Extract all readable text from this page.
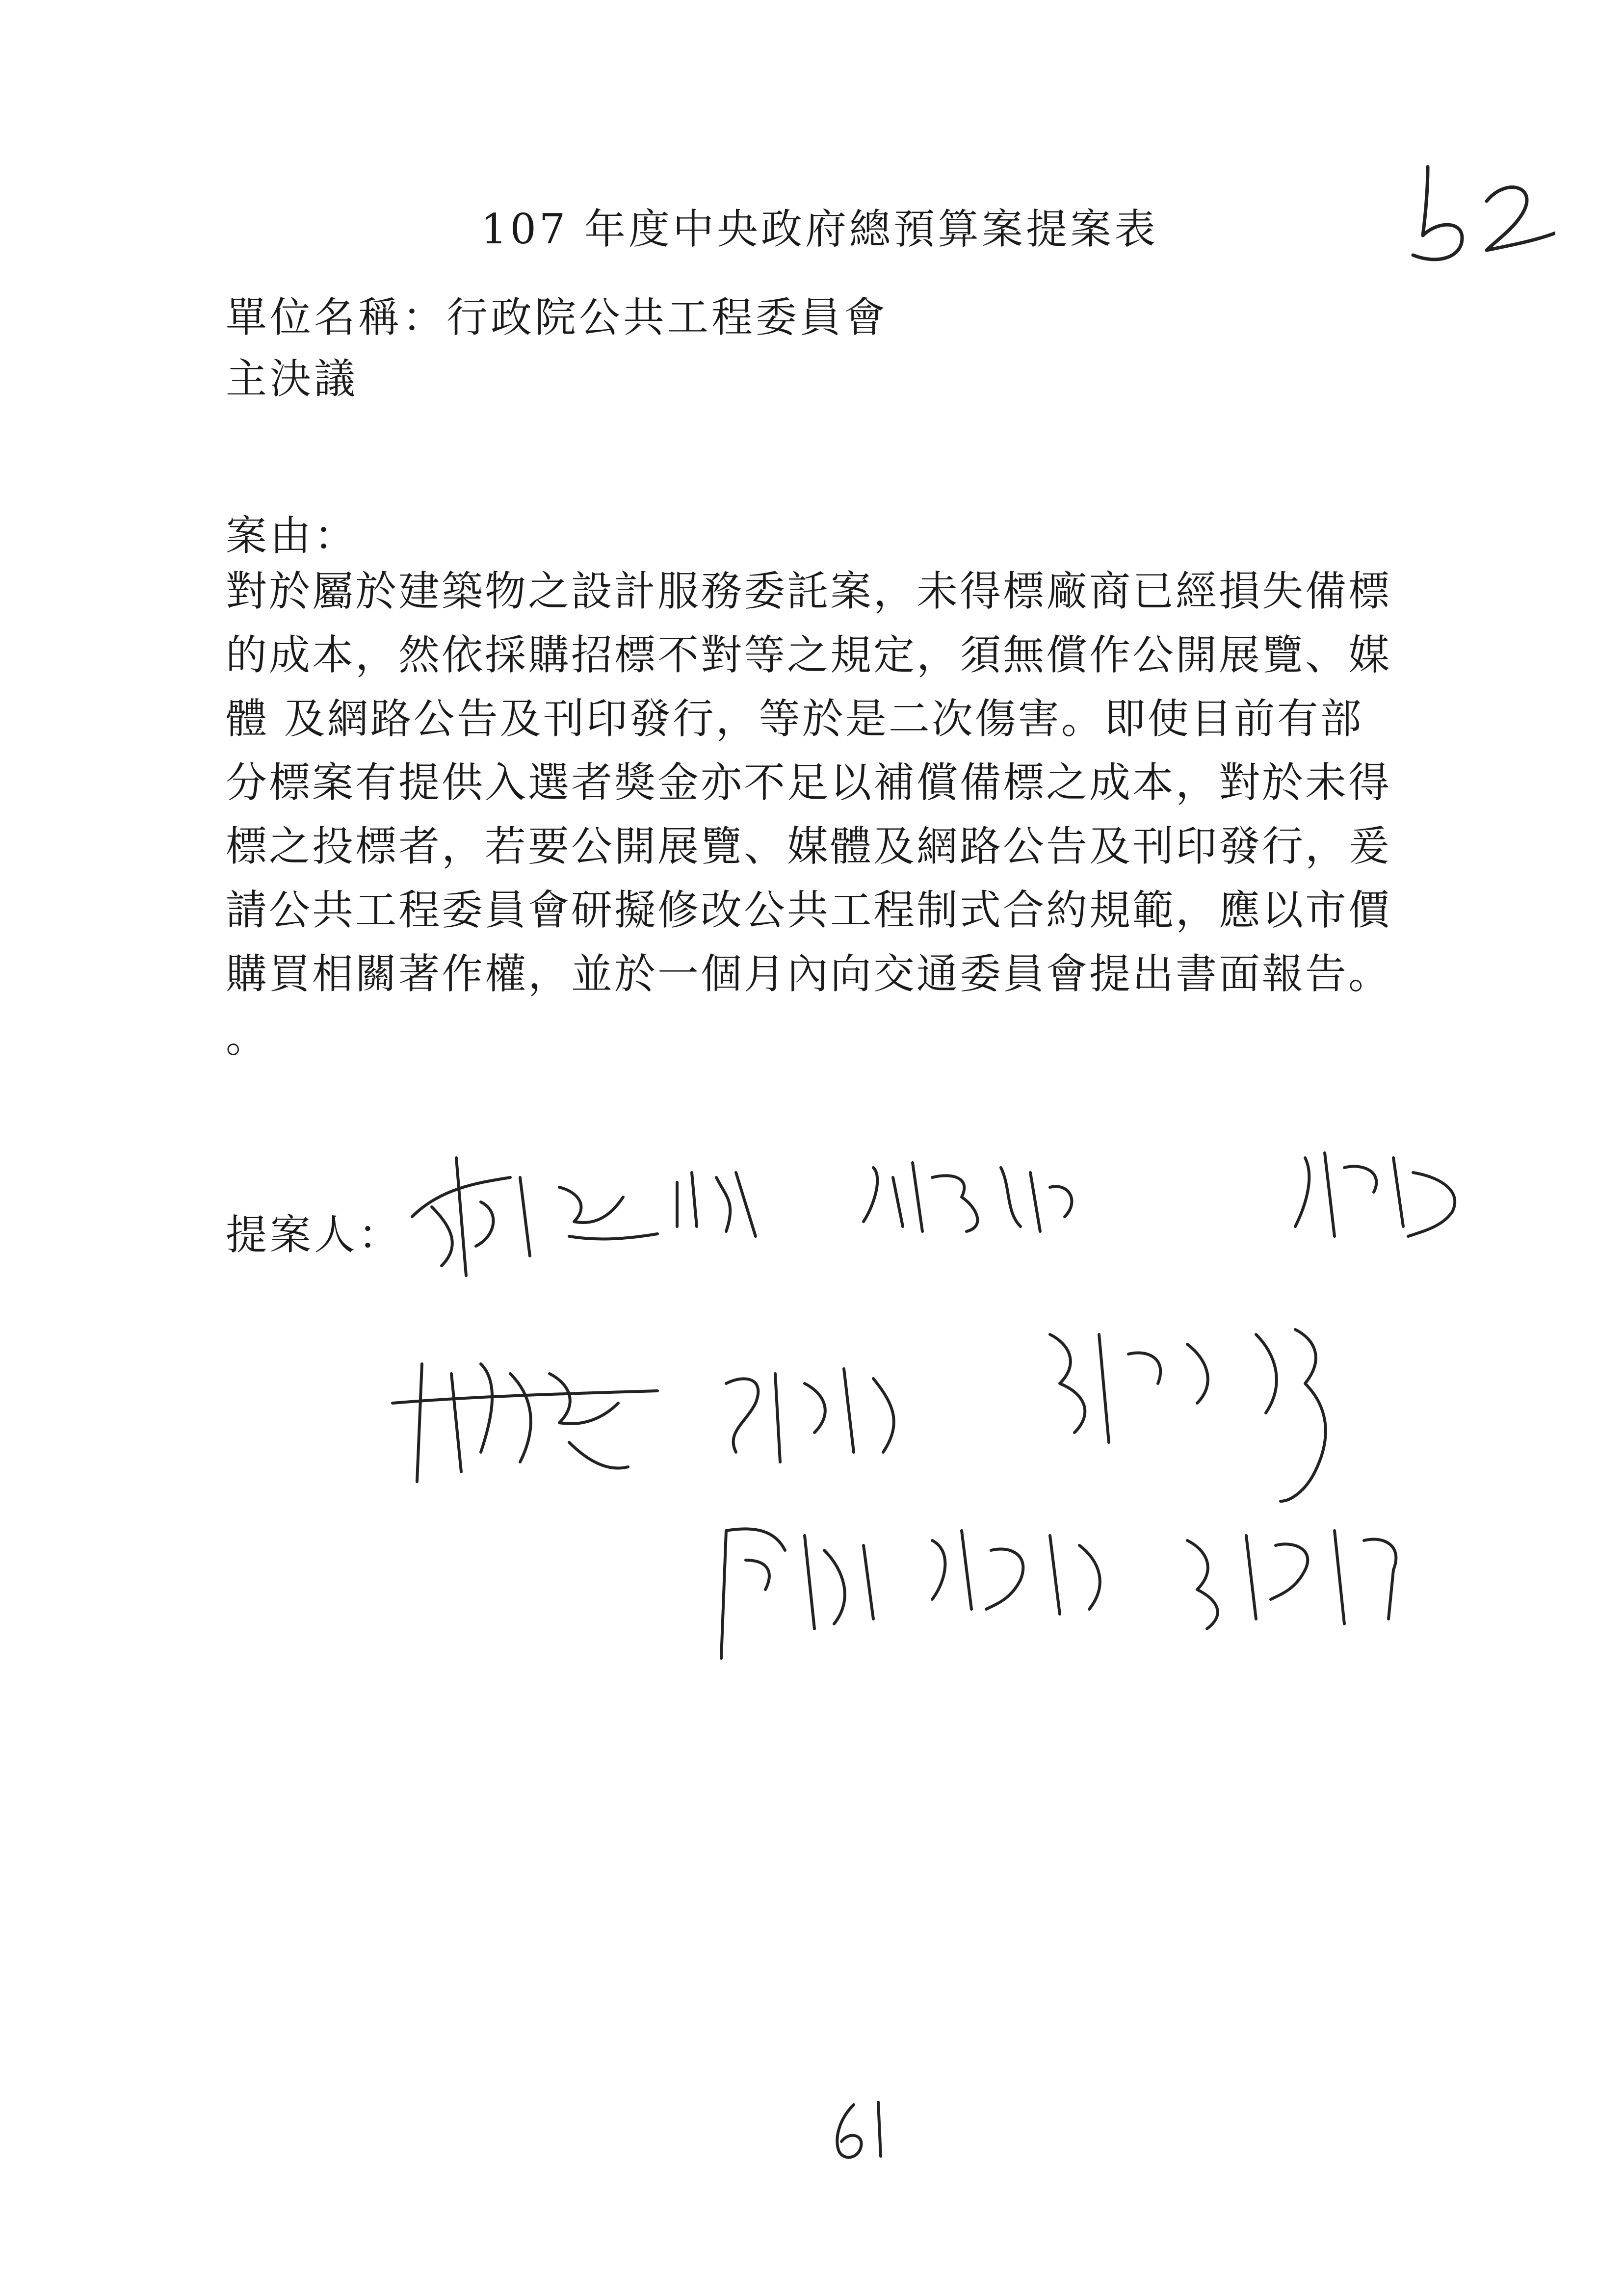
107 年度中央政府總預算案提案表
單位名稱：行政院公共工程委員會
主決議
案由：
對於屬於建築物之設計服務委託案，未得標廠商已經損失備標
的成本，然依採購招標不對等之規定，須無償作公開展覽、媒
體 及網路公告及刊印發行，等於是二次傷害。即使目前有部
分標案有提供入選者獎金亦不足以補償備標之成本，對於未得
標之投標者，若要公開展覽、媒體及網路公告及刊印發行，爰
請公共工程委員會研擬修改公共工程制式合約規範，應以市價
購買相關著作權，並於一個月內向交通委員會提出書面報告。
。
提案人：
